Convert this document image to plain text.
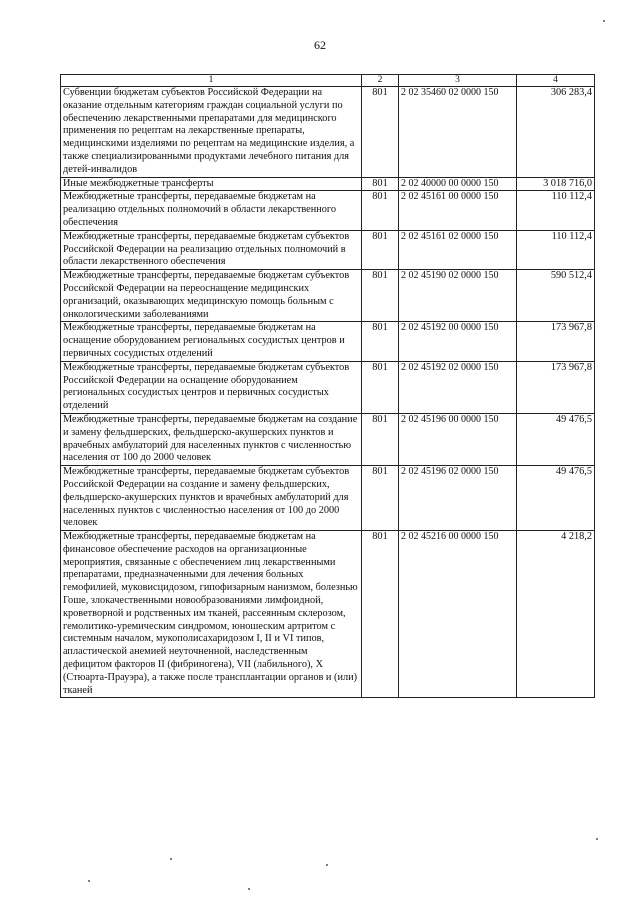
62
1	2	3	4
Субвенции бюджетам субъектов Российской Федерации на оказание отдельным категориям граждан социальной услуги по обеспечению лекарственными препаратами для медицинского применения по рецептам на лекарственные препараты, медицинскими изделиями по рецептам на медицинские изделия, а также специализированными продуктами лечебного питания для детей-инвалидов	801	2 02 35460 02 0000 150	306 283,4
Иные межбюджетные трансферты	801	2 02 40000 00 0000 150	3 018 716,0
Межбюджетные трансферты, передаваемые бюджетам на реализацию отдельных полномочий в области лекарственного обеспечения	801	2 02 45161 00 0000 150	110 112,4
Межбюджетные трансферты, передаваемые бюджетам субъектов Российской Федерации на реализацию отдельных полномочий в области лекарственного обеспечения	801	2 02 45161 02 0000 150	110 112,4
Межбюджетные трансферты, передаваемые бюджетам субъектов Российской Федерации на переоснащение медицинских организаций, оказывающих медицинскую помощь больным с онкологическими заболеваниями	801	2 02 45190 02 0000 150	590 512,4
Межбюджетные трансферты, передаваемые бюджетам на оснащение оборудованием региональных сосудистых центров и первичных сосудистых отделений	801	2 02 45192 00 0000 150	173 967,8
Межбюджетные трансферты, передаваемые бюджетам субъектов Российской Федерации на оснащение оборудованием региональных сосудистых центров и первичных сосудистых отделений	801	2 02 45192 02 0000 150	173 967,8
Межбюджетные трансферты, передаваемые бюджетам на создание и замену фельдшерских, фельдшерско-акушерских пунктов и врачебных амбулаторий для населенных пунктов с численностью населения от 100 до 2000 человек	801	2 02 45196 00 0000 150	49 476,5
Межбюджетные трансферты, передаваемые бюджетам субъектов Российской Федерации на создание и замену фельдшерских, фельдшерско-акушерских пунктов и врачебных амбулаторий для населенных пунктов с численностью населения от 100 до 2000 человек	801	2 02 45196 02 0000 150	49 476,5
Межбюджетные трансферты, передаваемые бюджетам на финансовое обеспечение расходов на организационные мероприятия, связанные с обеспечением лиц лекарственными препаратами, предназначенными для лечения больных гемофилией, муковисцидозом, гипофизарным нанизмом, болезнью Гоше, злокачественными новообразованиями лимфоидной, кроветворной и родственных им тканей, рассеянным склерозом, гемолитико-уремическим синдромом, юношеским артритом с системным началом, мукополисахаридозом I, II и VI типов, апластической анемией неуточненной, наследственным дефицитом факторов II (фибриногена), VII (лабильного), X (Стюарта-Прауэра), а также после трансплантации органов и (или) тканей	801	2 02 45216 00 0000 150	4 218,2
